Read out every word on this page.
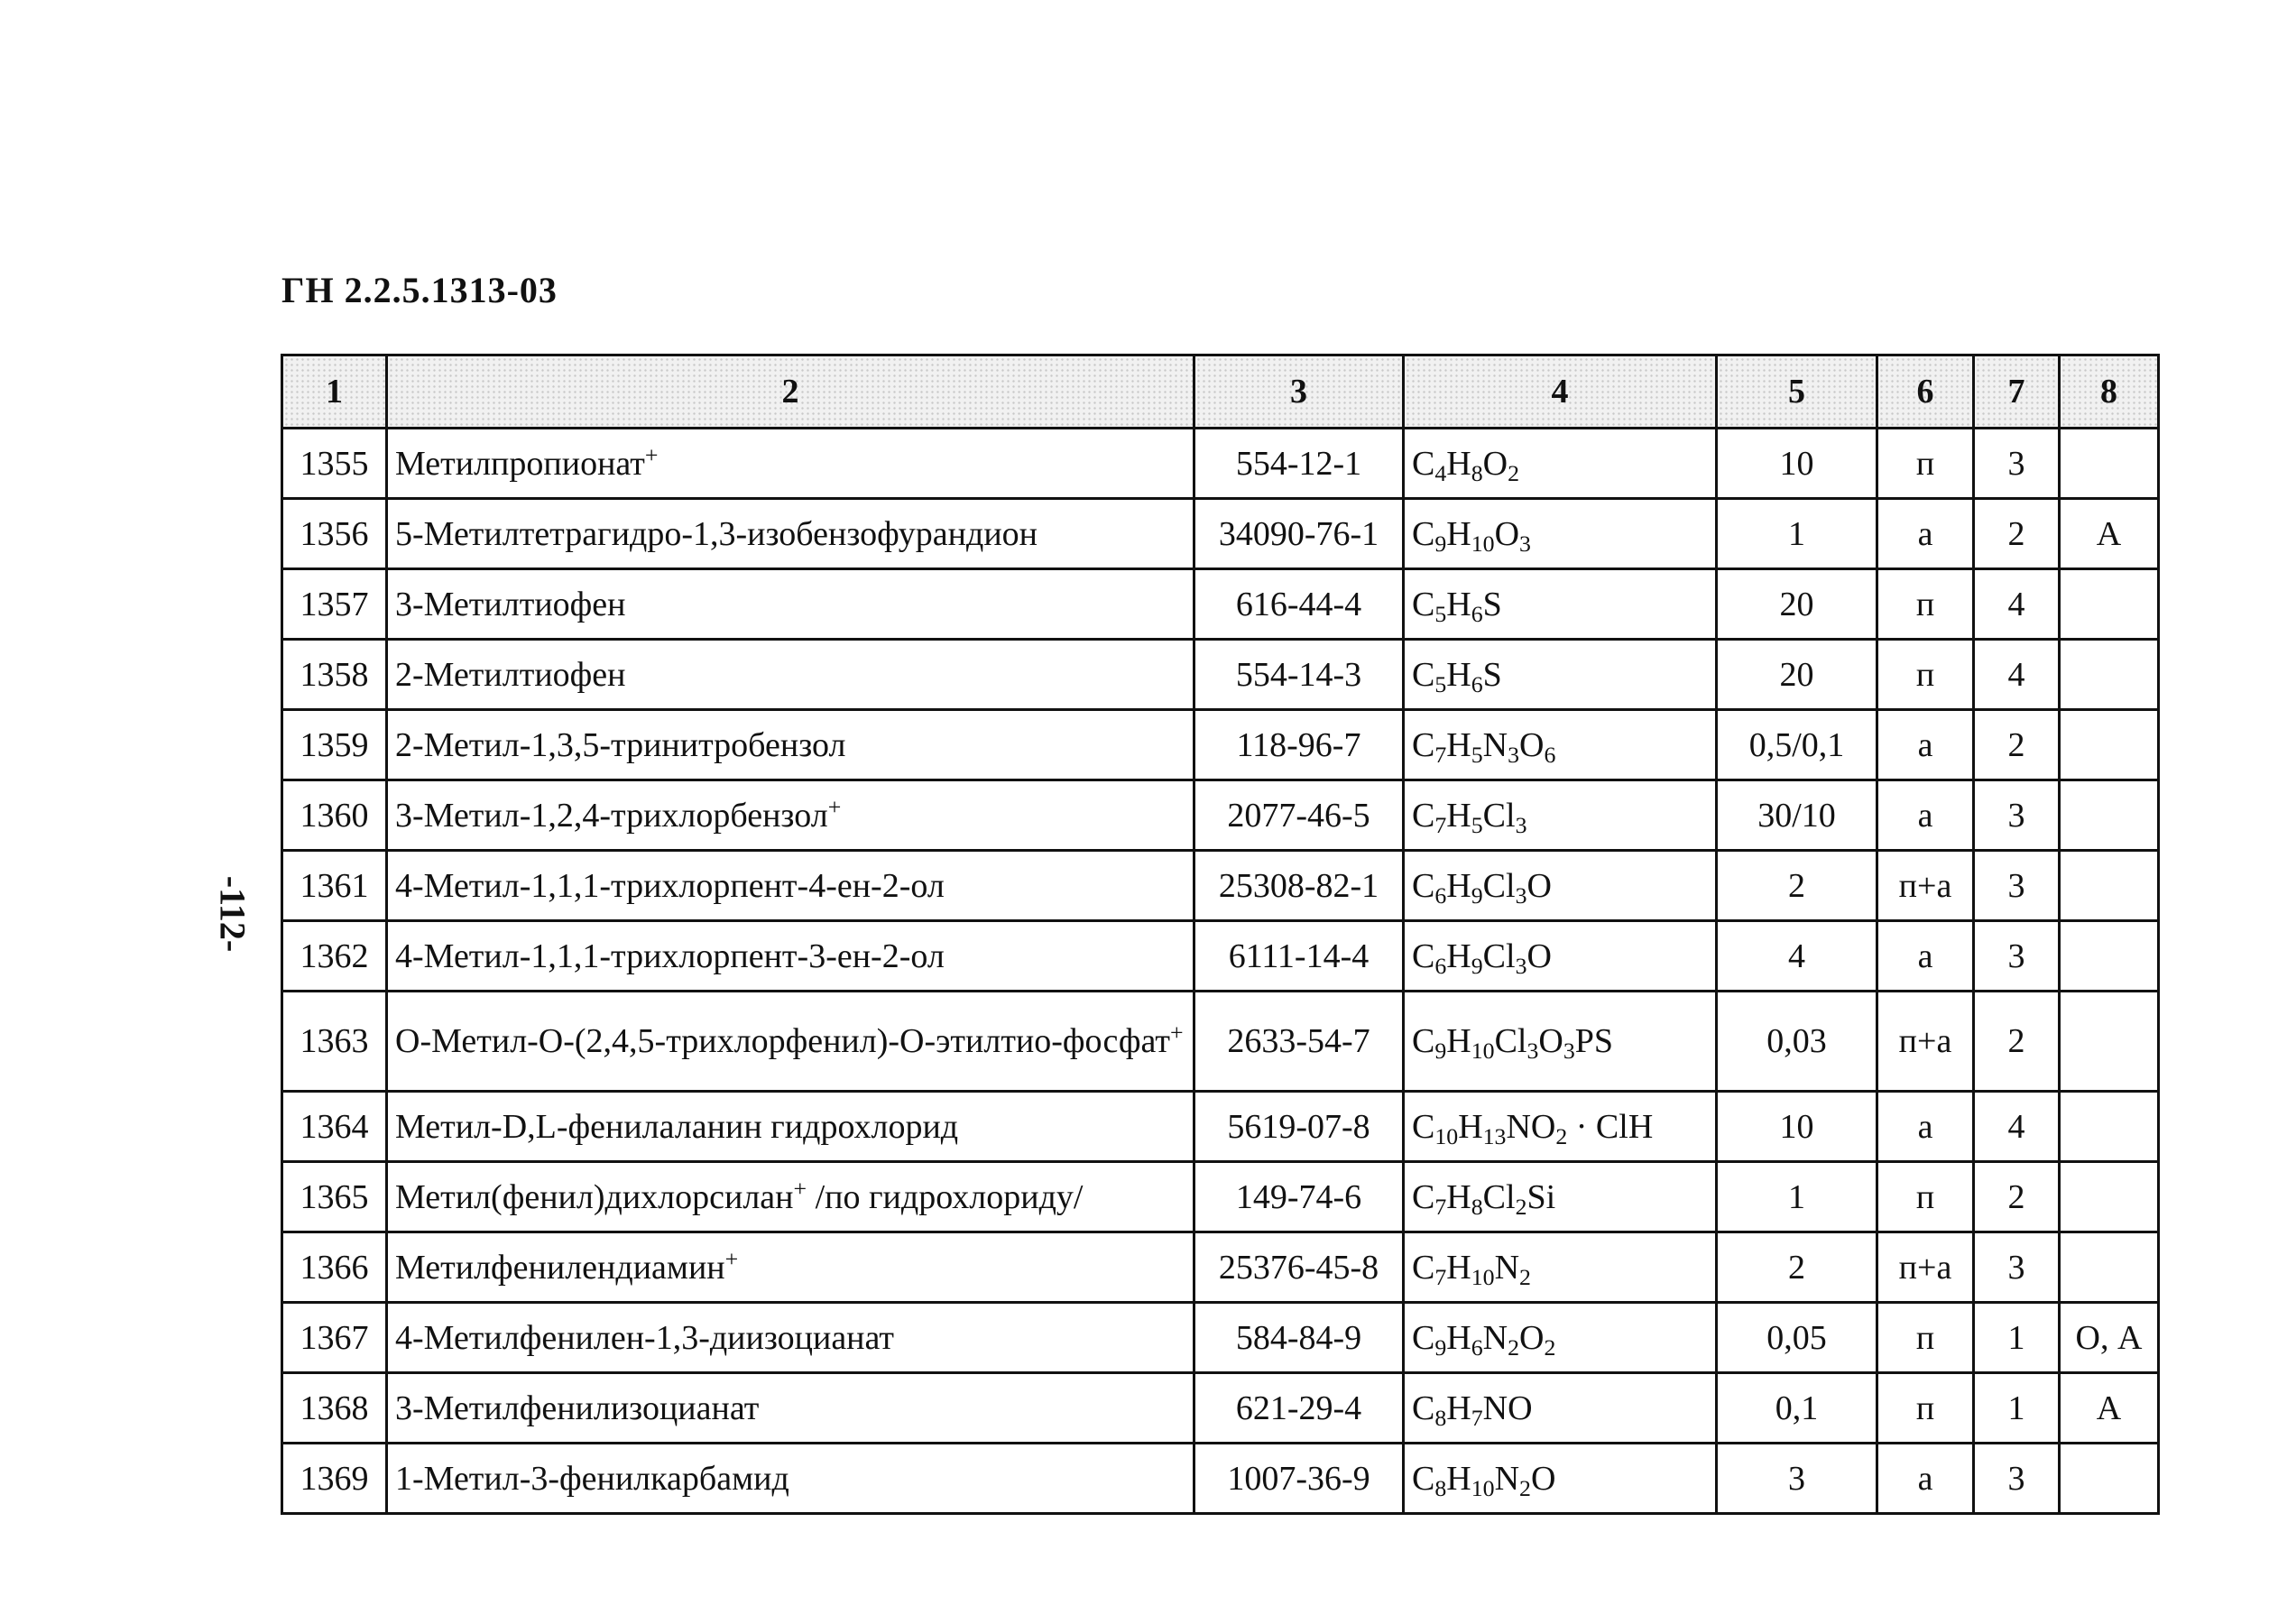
ГН 2.2.5.1313-03
-112-
1	2	3	4	5	6	7	8
1355	Метилпропионат+	554-12-1	$C_4H_8O_2$	10	п	3	
1356	5-Метилтетрагидро-1,3-изобензофурандион	34090-76-1	$C_9H_{10}O_3$	1	а	2	А
1357	3-Метилтиофен	616-44-4	$C_5H_6S$	20	п	4	
1358	2-Метилтиофен	554-14-3	$C_5H_6S$	20	п	4	
1359	2-Метил-1,3,5-тринитробензол	118-96-7	$C_7H_5N_3O_6$	0,5/0,1	а	2	
1360	3-Метил-1,2,4-трихлорбензол+	2077-46-5	$C_7H_5Cl_3$	30/10	а	3	
1361	4-Метил-1,1,1-трихлорпент-4-ен-2-ол	25308-82-1	$C_6H_9Cl_3O$	2	п+а	3	
1362	4-Метил-1,1,1-трихлорпент-3-ен-2-ол	6111-14-4	$C_6H_9Cl_3O$	4	а	3	
1363	О-Метил-О-(2,4,5-трихлорфенил)-О-этилтио-фосфат+	2633-54-7	$C_9H_{10}Cl_3O_3PS$	0,03	п+а	2	
1364	Метил-D,L-фенилаланин гидрохлорид	5619-07-8	$C_{10}H_{13}NO_2$ · ClH	10	а	4	
1365	Метил(фенил)дихлорсилан+ /по гидрохлориду/	149-74-6	$C_7H_8Cl_2Si$	1	п	2	
1366	Метилфенилендиамин+	25376-45-8	$C_7H_{10}N_2$	2	п+а	3	
1367	4-Метилфенилен-1,3-диизоцианат	584-84-9	$C_9H_6N_2O_2$	0,05	п	1	О, А
1368	3-Метилфенилизоцианат	621-29-4	$C_8H_7NO$	0,1	п	1	А
1369	1-Метил-3-фенилкарбамид	1007-36-9	$C_8H_{10}N_2O$	3	а	3	
